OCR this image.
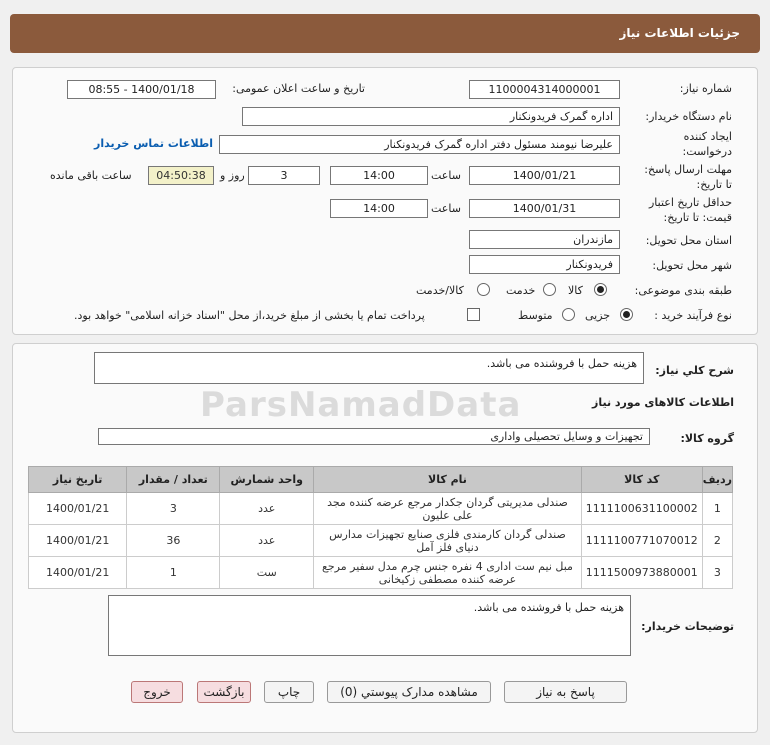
جزئیات اطلاعات نیاز
شماره نیاز:
1100004314000001
تاریخ و ساعت اعلان عمومی:
1400/01/18 - 08:55
نام دستگاه خریدار:
اداره گمرک فریدونکنار
ایجاد کننده
درخواست:
علیرضا نیومند مسئول دفتر اداره گمرک فریدونکنار
اطلاعات تماس خریدار
مهلت ارسال پاسخ:
تا تاریخ:
1400/01/21
ساعت
14:00
3
روز و
04:50:38
ساعت باقی مانده
حداقل تاریخ اعتبار
قیمت: تا تاریخ:
1400/01/31
ساعت
14:00
استان محل تحویل:
مازندران
شهر محل تحویل:
فریدونکنار
طبقه بندی موضوعی:
کالا
خدمت
کالا/خدمت
نوع فرآیند خرید :
جزیی
متوسط
پرداخت تمام یا بخشی از مبلغ خرید،از محل "اسناد خزانه اسلامی" خواهد بود.
ParsNamadData
شرح کلي نياز:
هزینه حمل با فروشنده می باشد.
اطلاعات کالاهای مورد نیاز
گروه کالا:
تجهیزات و وسایل تحصیلی واداری
ردیف	کد کالا	نام کالا	واحد شمارش	تعداد / مقدار	تاریخ نیاز
1	1111100631100002	صندلی مدیریتی گردان جکدار مرجع عرضه کننده مجد علی علیون	عدد	3	1400/01/21
2	1111100771070012	صندلی گردان کارمندی فلزی صنایع تجهیزات مدارس دنیای فلز آمل	عدد	36	1400/01/21
3	1111500973880001	مبل نیم ست اداری 4 نفره جنس چرم مدل سفیر مرجع عرضه کننده مصطفی زکیخانی	ست	1	1400/01/21
توضیحات خریدار:
هزینه حمل با فروشنده می باشد.
پاسخ به نیاز
مشاهده مدارک پیوستي (0)
چاپ
بازگشت
خروج
